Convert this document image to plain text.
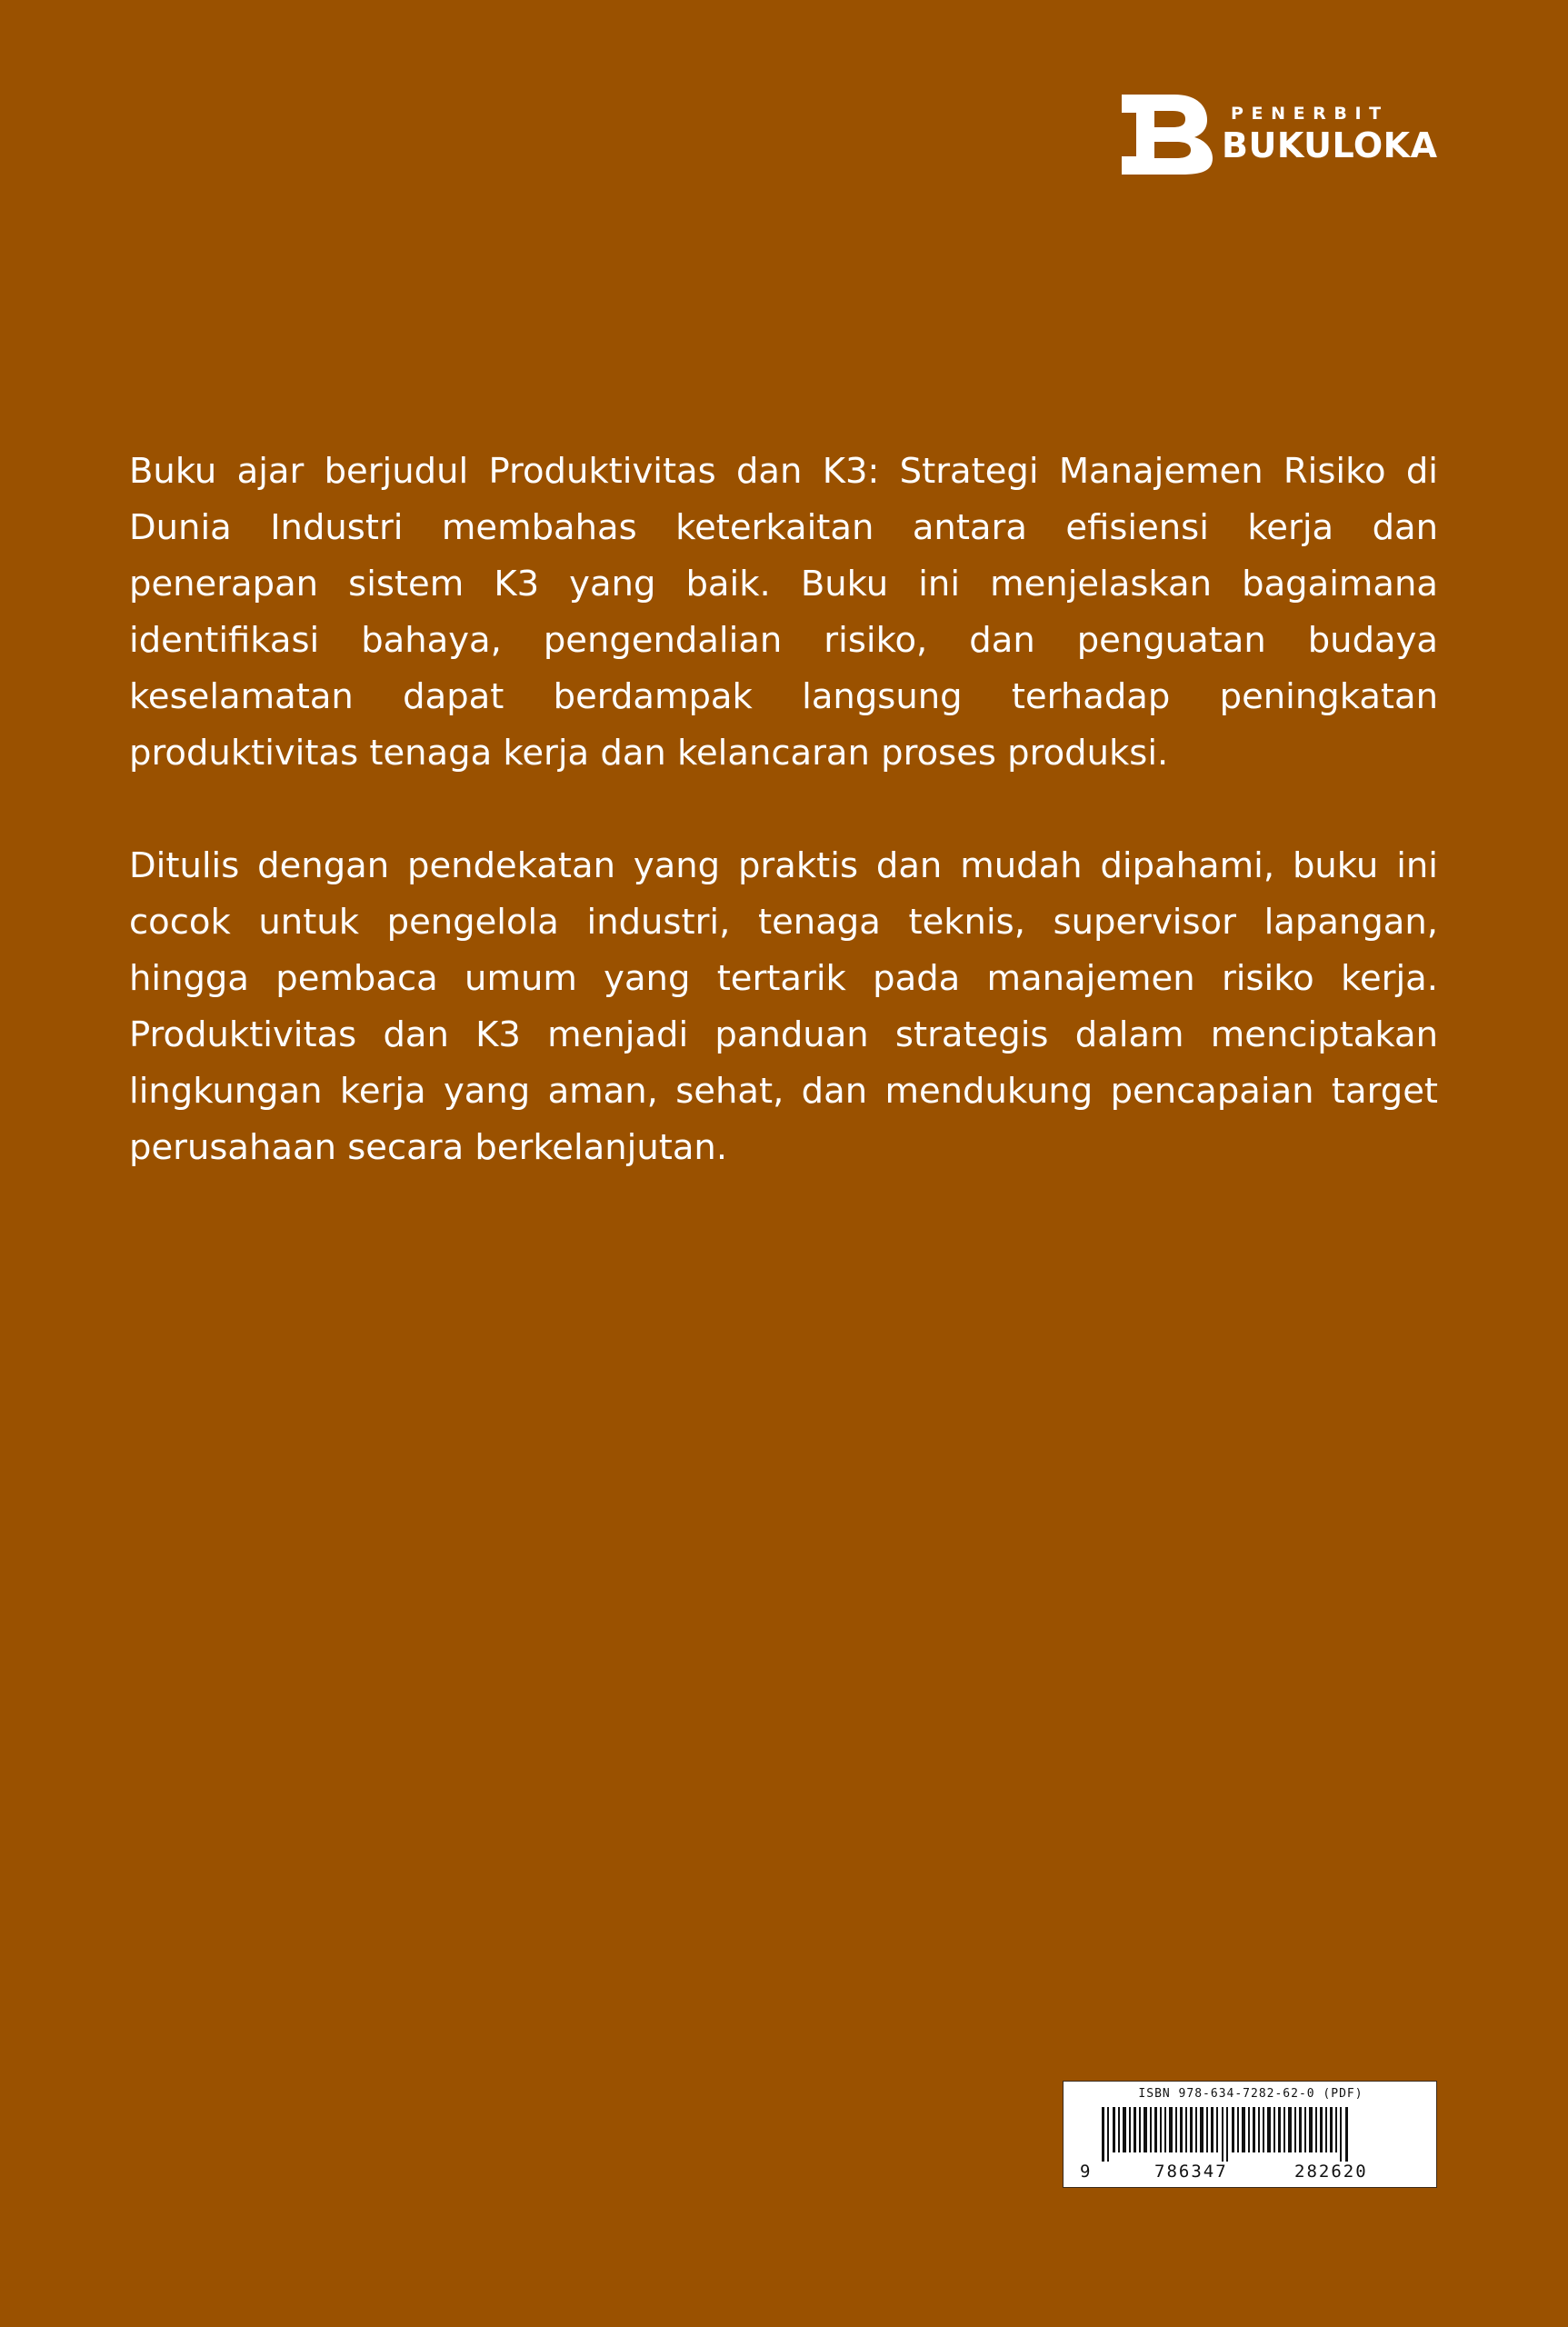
PENERBIT
BUKULOKA

Buku ajar berjudul Produktivitas dan K3: Strategi Manajemen Risiko di Dunia Industri membahas keterkaitan antara efisiensi kerja dan penerapan sistem K3 yang baik. Buku ini menjelaskan bagaimana identifikasi bahaya, pengendalian risiko, dan penguatan budaya keselamatan dapat berdampak langsung terhadap peningkatan produktivitas tenaga kerja dan kelancaran proses produksi.

Ditulis dengan pendekatan yang praktis dan mudah dipahami, buku ini cocok untuk pengelola industri, tenaga teknis, supervisor lapangan, hingga pembaca umum yang tertarik pada manajemen risiko kerja. Produktivitas dan K3 menjadi panduan strategis dalam menciptakan lingkungan kerja yang aman, sehat, dan mendukung pencapaian target perusahaan secara berkelanjutan.

ISBN 978-634-7282-62-0 (PDF)
9	786347	282620
